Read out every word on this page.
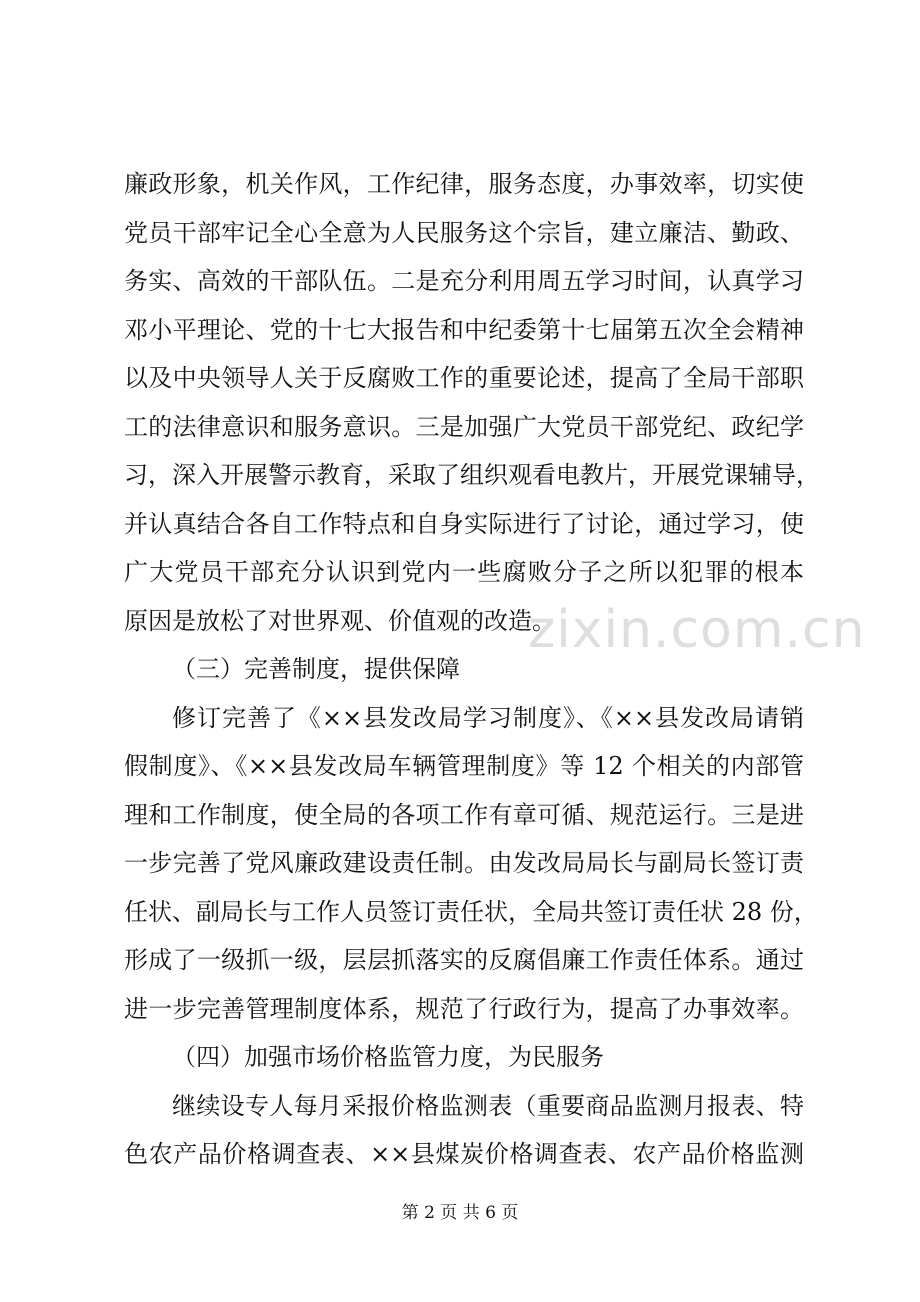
廉政形象，机关作风，工作纪律，服务态度，办事效率，切实使
党员干部牢记全心全意为人民服务这个宗旨，建立廉洁、勤政、
务实、高效的干部队伍。二是充分利用周五学习时间，认真学习
邓小平理论、党的十七大报告和中纪委第十七届第五次全会精神
以及中央领导人关于反腐败工作的重要论述，提高了全局干部职
工的法律意识和服务意识。三是加强广大党员干部党纪、政纪学
习，深入开展警示教育，采取了组织观看电教片，开展党课辅导，
并认真结合各自工作特点和自身实际进行了讨论，通过学习，使
广大党员干部充分认识到党内一些腐败分子之所以犯罪的根本
原因是放松了对世界观、价值观的改造。
（三）完善制度，提供保障
修订完善了《××县发改局学习制度》、《××县发改局请销
假制度》、《××县发改局车辆管理制度》等 12 个相关的内部管
理和工作制度，使全局的各项工作有章可循、规范运行。三是进
一步完善了党风廉政建设责任制。由发改局局长与副局长签订责
任状、副局长与工作人员签订责任状，全局共签订责任状 28 份，
形成了一级抓一级，层层抓落实的反腐倡廉工作责任体系。通过
进一步完善管理制度体系，规范了行政行为，提高了办事效率。
（四）加强市场价格监管力度，为民服务
继续设专人每月采报价格监测表（重要商品监测月报表、特
色农产品价格调查表、××县煤炭价格调查表、农产品价格监测
zixin.com.cn
第 2 页 共 6 页
